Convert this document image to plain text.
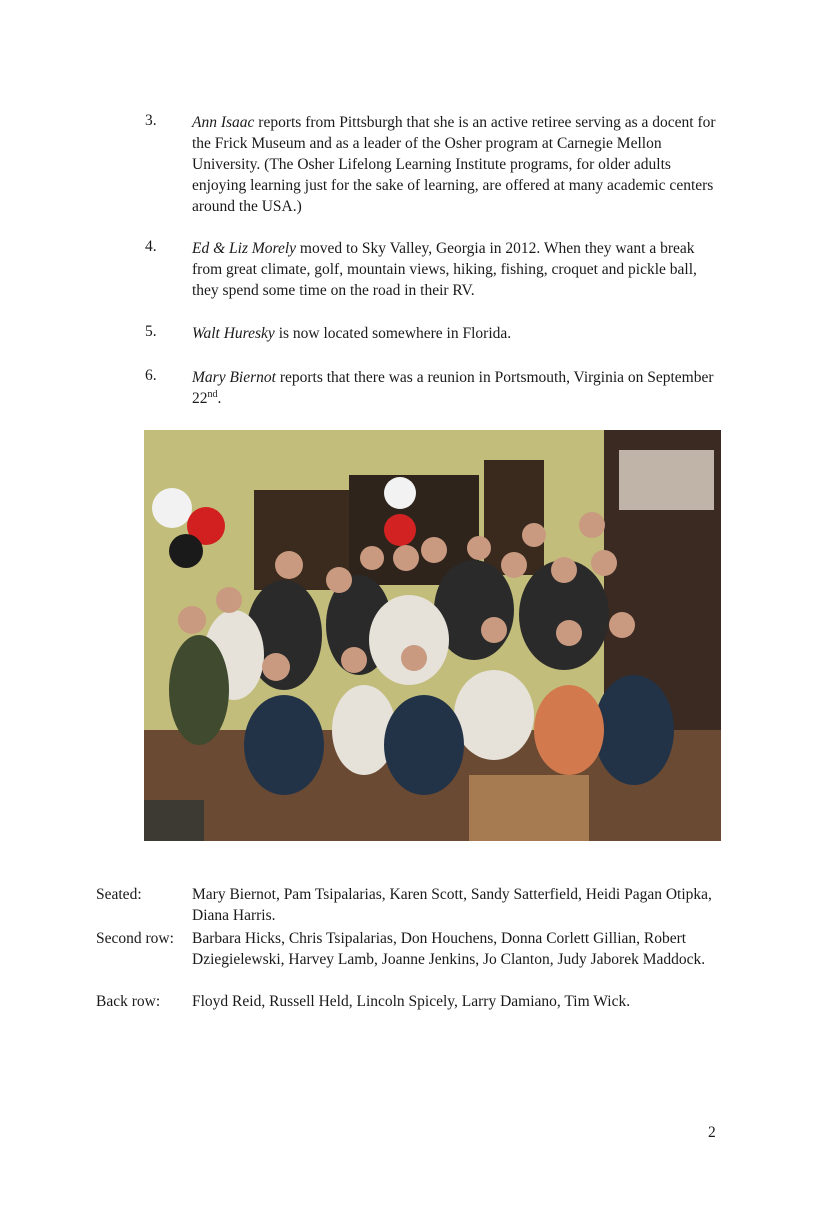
3.	Ann Isaac reports from Pittsburgh that she is an active retiree serving as a docent for the Frick Museum and as a leader of the Osher program at Carnegie Mellon University. (The Osher Lifelong Learning Institute programs, for older adults enjoying learning just for the sake of learning, are offered at many academic centers around the USA.)
4.	Ed & Liz Morely moved to Sky Valley, Georgia in 2012. When they want a break from great climate, golf, mountain views, hiking, fishing, croquet and pickle ball, they spend some time on the road in their RV.
5.	Walt Huresky is now located somewhere in Florida.
6.	Mary Biernot reports that there was a reunion in Portsmouth, Virginia on September 22nd.
Seated:	Mary Biernot, Pam Tsipalarias, Karen Scott, Sandy Satterfield, Heidi Pagan Otipka, Diana Harris.
Second row:	Barbara Hicks, Chris Tsipalarias, Don Houchens, Donna Corlett Gillian, Robert Dziegielewski, Harvey Lamb, Joanne Jenkins, Jo Clanton, Judy Jaborek Maddock.
Back row:	Floyd Reid, Russell Held, Lincoln Spicely, Larry Damiano, Tim Wick.
2
